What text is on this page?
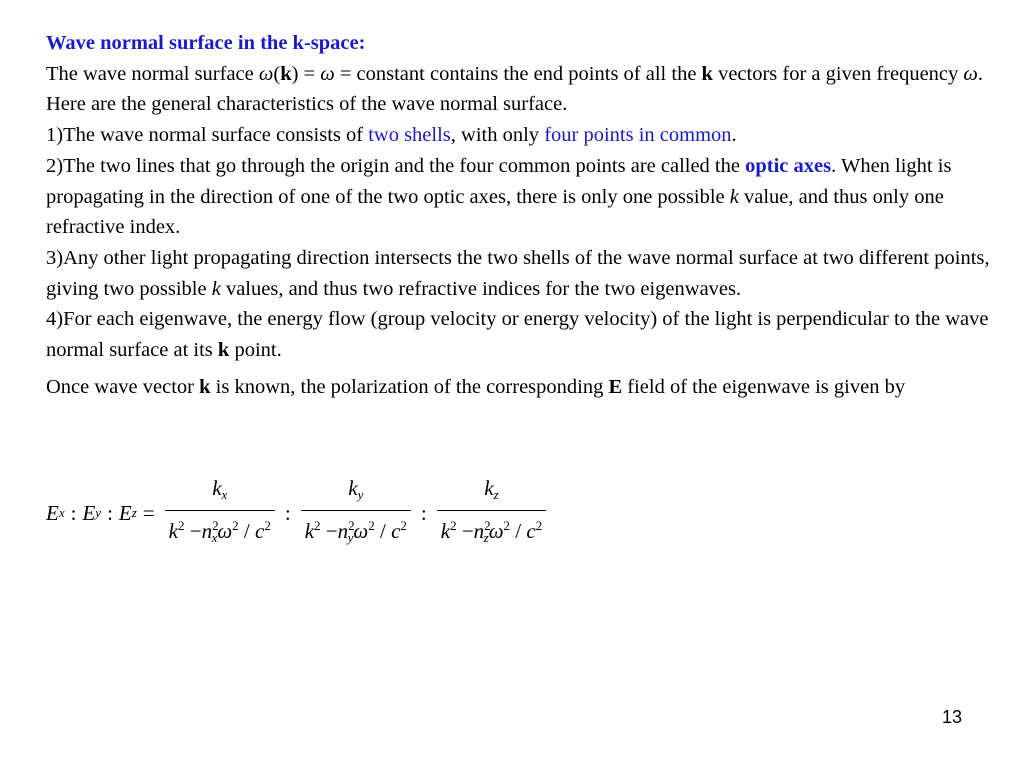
Wave normal surface in the k-space:

The wave normal surface ω(k) = ω = constant contains the end points of all the k vectors for a given frequency ω. Here are the general characteristics of the wave normal surface.

1)The wave normal surface consists of two shells, with only four points in common.

2)The two lines that go through the origin and the four common points are called the optic axes. When light is propagating in the direction of one of the two optic axes, there is only one possible k value, and thus only one refractive index.

3)Any other light propagating direction intersects the two shells of the wave normal surface at two different points, giving two possible k values, and thus two refractive indices for the two eigenwaves.

4)For each eigenwave, the energy flow (group velocity or energy velocity) of the light is perpendicular to the wave normal surface at its k point.

Once wave vector k is known, the polarization of the corresponding E field of the eigenwave is given by

E x : E y : E $z = \frac{k_x}{k^2 -n^2_x\omega^2 / c^2}$ : $\frac{k_y}{k^2 -n^2_y\omega^2 / c^2}$ : $\frac{k_z}{k^2 -n^2_z\omega^2 / c^2}$
13
